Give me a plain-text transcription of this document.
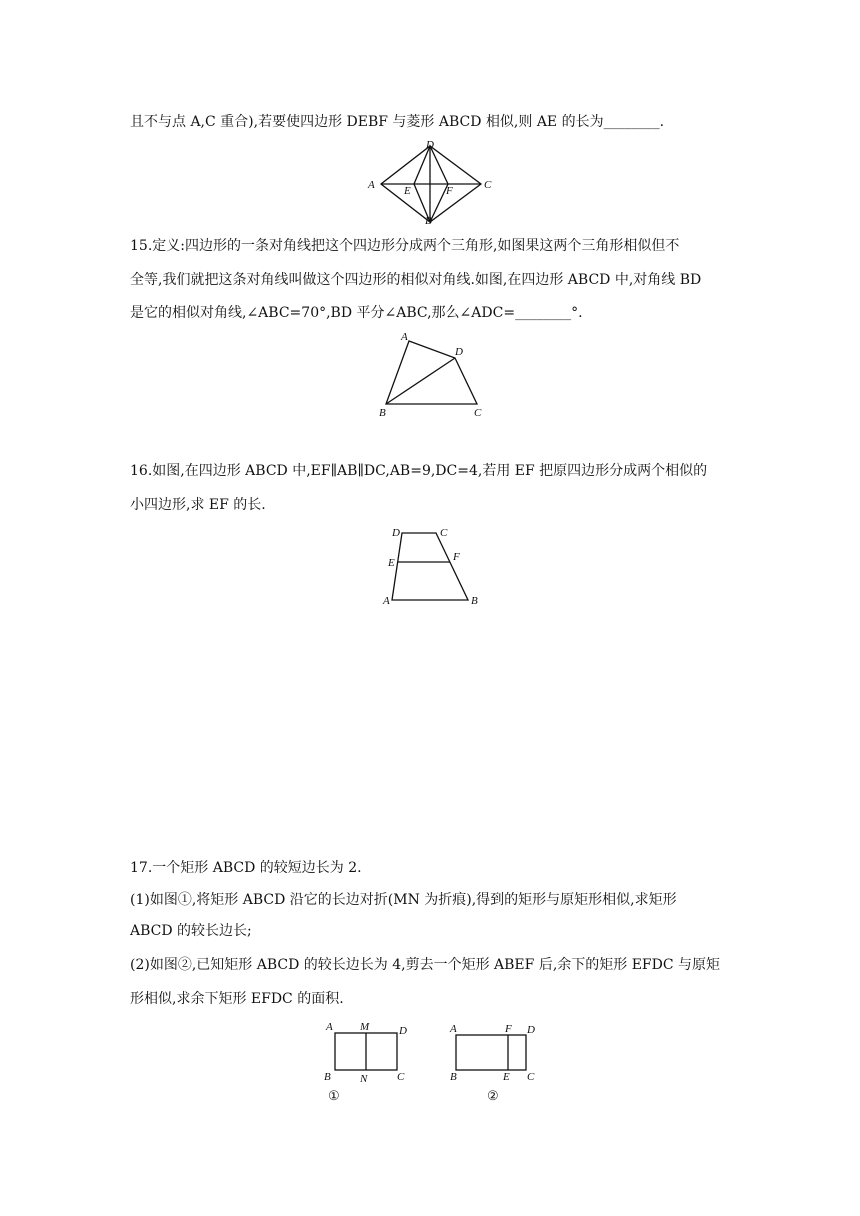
且不与点 A,C 重合),若要使四边形 DEBF 与菱形 ABCD 相似,则 AE 的长为________.
A
D
C
B
E	F
15.定义:四边形的一条对角线把这个四边形分成两个三角形,如图果这两个三角形相似但不
全等,我们就把这条对角线叫做这个四边形的相似对角线.如图,在四边形 ABCD 中,对角线 BD
是它的相似对角线,∠ABC=70°,BD 平分∠ABC,那么∠ADC=________°.
A
D
B	C
16.如图,在四边形 ABCD 中,EF∥AB∥DC,AB=9,DC=4,若用 EF 把原四边形分成两个相似的
小四边形,求 EF 的长.
D	C
E	F
A	B
17.一个矩形 ABCD 的较短边长为 2.
(1)如图①,将矩形 ABCD 沿它的长边对折(MN 为折痕),得到的矩形与原矩形相似,求矩形
ABCD 的较长边长;
(2)如图②,已知矩形 ABCD 的较长边长为 4,剪去一个矩形 ABEF 后,余下的矩形 EFDC 与原矩
形相似,求余下矩形 EFDC 的面积.
A M	D
B	N	C
①
A	F D
B	E C
②
